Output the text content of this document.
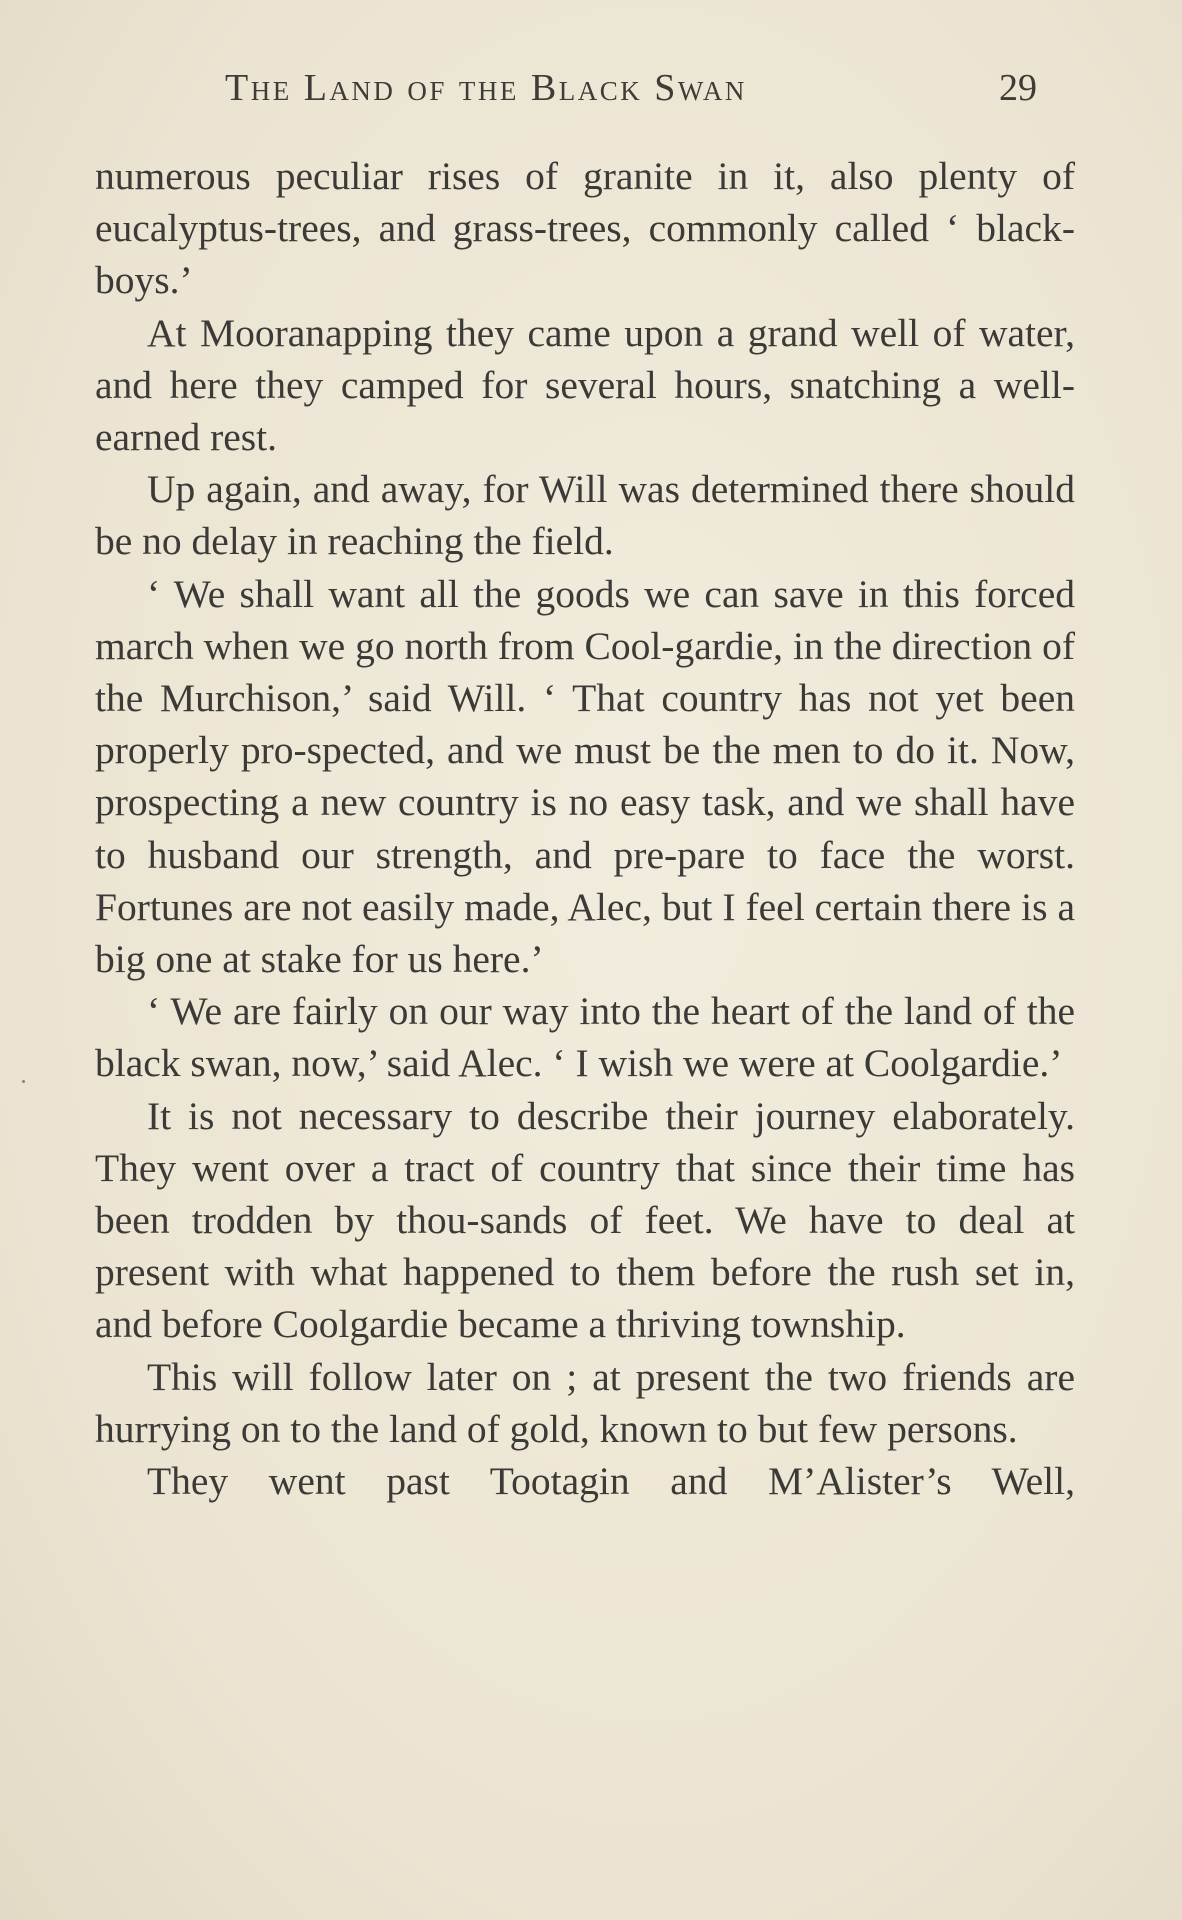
The Land of the Black Swan	29

numerous peculiar rises of granite in it, also plenty of eucalyptus-trees, and grass-trees, commonly called ‘ black-boys.’

At Mooranapping they came upon a grand well of water, and here they camped for several hours, snatching a well-earned rest.

Up again, and away, for Will was determined there should be no delay in reaching the field.

‘ We shall want all the goods we can save in this forced march when we go north from Cool-gardie, in the direction of the Murchison,’ said Will. ‘ That country has not yet been properly pro-spected, and we must be the men to do it. Now, prospecting a new country is no easy task, and we shall have to husband our strength, and pre-pare to face the worst. Fortunes are not easily made, Alec, but I feel certain there is a big one at stake for us here.’

‘ We are fairly on our way into the heart of the land of the black swan, now,’ said Alec. ‘ I wish we were at Coolgardie.’

It is not necessary to describe their journey elaborately. They went over a tract of country that since their time has been trodden by thou-sands of feet. We have to deal at present with what happened to them before the rush set in, and before Coolgardie became a thriving township.

This will follow later on ; at present the two friends are hurrying on to the land of gold, known to but few persons.

They went past Tootagin and M’Alister’s Well,
